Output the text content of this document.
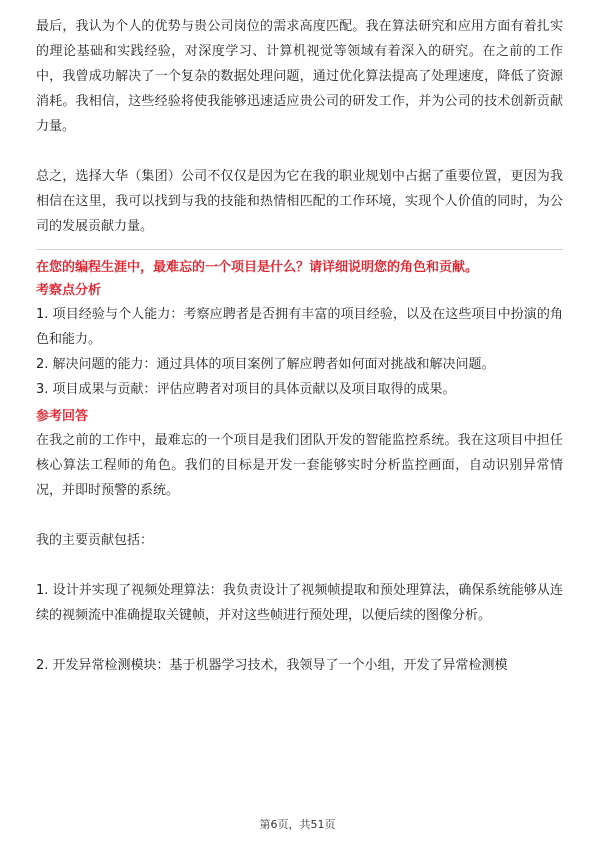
最后，我认为个人的优势与贵公司岗位的需求高度匹配。我在算法研究和应用方面有着扎实的理论基础和实践经验，对深度学习、计算机视觉等领域有着深入的研究。在之前的工作中，我曾成功解决了一个复杂的数据处理问题，通过优化算法提高了处理速度，降低了资源消耗。我相信，这些经验将使我能够迅速适应贵公司的研发工作，并为公司的技术创新贡献力量。

总之，选择大华（集团）公司不仅仅是因为它在我的职业规划中占据了重要位置，更因为我相信在这里，我可以找到与我的技能和热情相匹配的工作环境，实现个人价值的同时，为公司的发展贡献力量。

在您的编程生涯中，最难忘的一个项目是什么？请详细说明您的角色和贡献。

考察点分析

1. 项目经验与个人能力：考察应聘者是否拥有丰富的项目经验，以及在这些项目中扮演的角色和能力。

2. 解决问题的能力：通过具体的项目案例了解应聘者如何面对挑战和解决问题。

3. 项目成果与贡献：评估应聘者对项目的具体贡献以及项目取得的成果。

参考回答

在我之前的工作中，最难忘的一个项目是我们团队开发的智能监控系统。我在这项目中担任核心算法工程师的角色。我们的目标是开发一套能够实时分析监控画面，自动识别异常情况，并即时预警的系统。

我的主要贡献包括：

1. 设计并实现了视频处理算法：我负责设计了视频帧提取和预处理算法，确保系统能够从连续的视频流中准确提取关键帧，并对这些帧进行预处理，以便后续的图像分析。

2. 开发异常检测模块：基于机器学习技术，我领导了一个小组，开发了异常检测模

第6页，共51页
